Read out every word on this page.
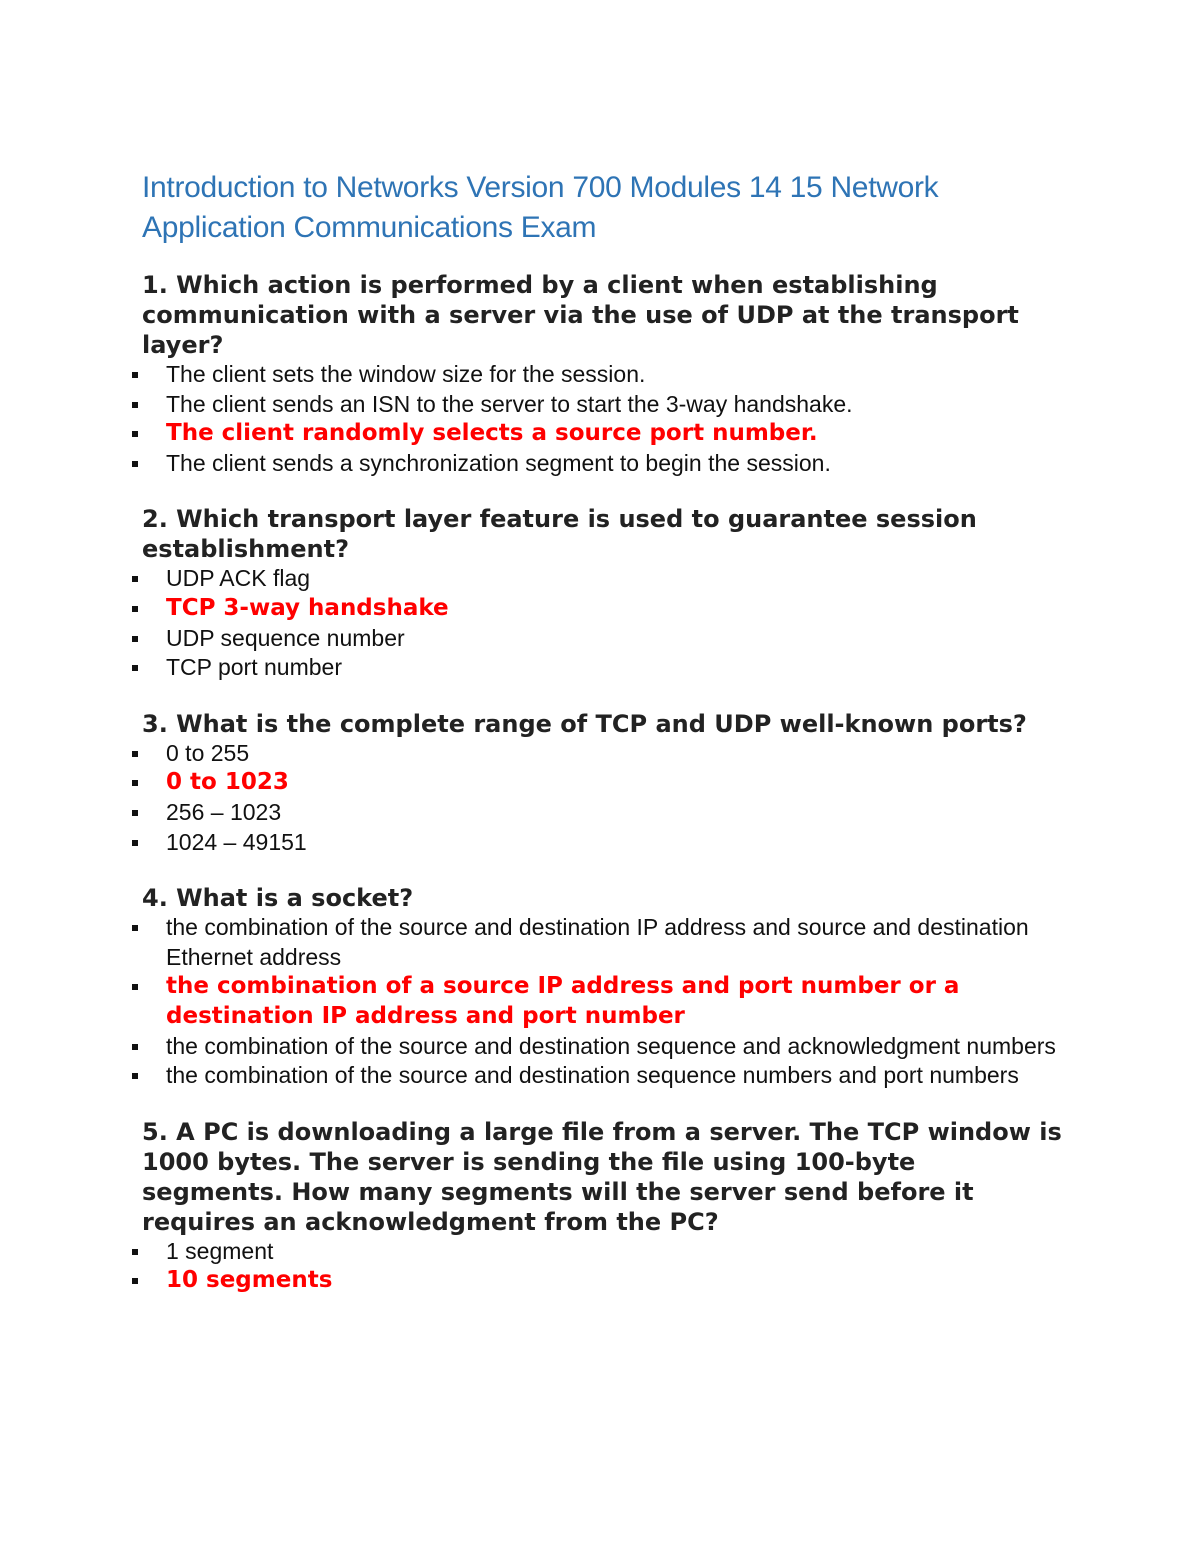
Introduction to Networks Version 700 Modules 14 15 Network Application Communications Exam

1. Which action is performed by a client when establishing communication with a server via the use of UDP at the transport layer?

The client sets the window size for the session.
The client sends an ISN to the server to start the 3-way handshake.
The client randomly selects a source port number.
The client sends a synchronization segment to begin the session.

2. Which transport layer feature is used to guarantee session establishment?

UDP ACK flag
TCP 3-way handshake
UDP sequence number
TCP port number

3. What is the complete range of TCP and UDP well-known ports?

0 to 255
0 to 1023
256 – 1023
1024 – 49151

4. What is a socket?

the combination of the source and destination IP address and source and destination Ethernet address
the combination of a source IP address and port number or a destination IP address and port number
the combination of the source and destination sequence and acknowledgment numbers
the combination of the source and destination sequence numbers and port numbers

5. A PC is downloading a large file from a server. The TCP window is 1000 bytes. The server is sending the file using 100-byte segments. How many segments will the server send before it requires an acknowledgment from the PC?

1 segment
10 segments
